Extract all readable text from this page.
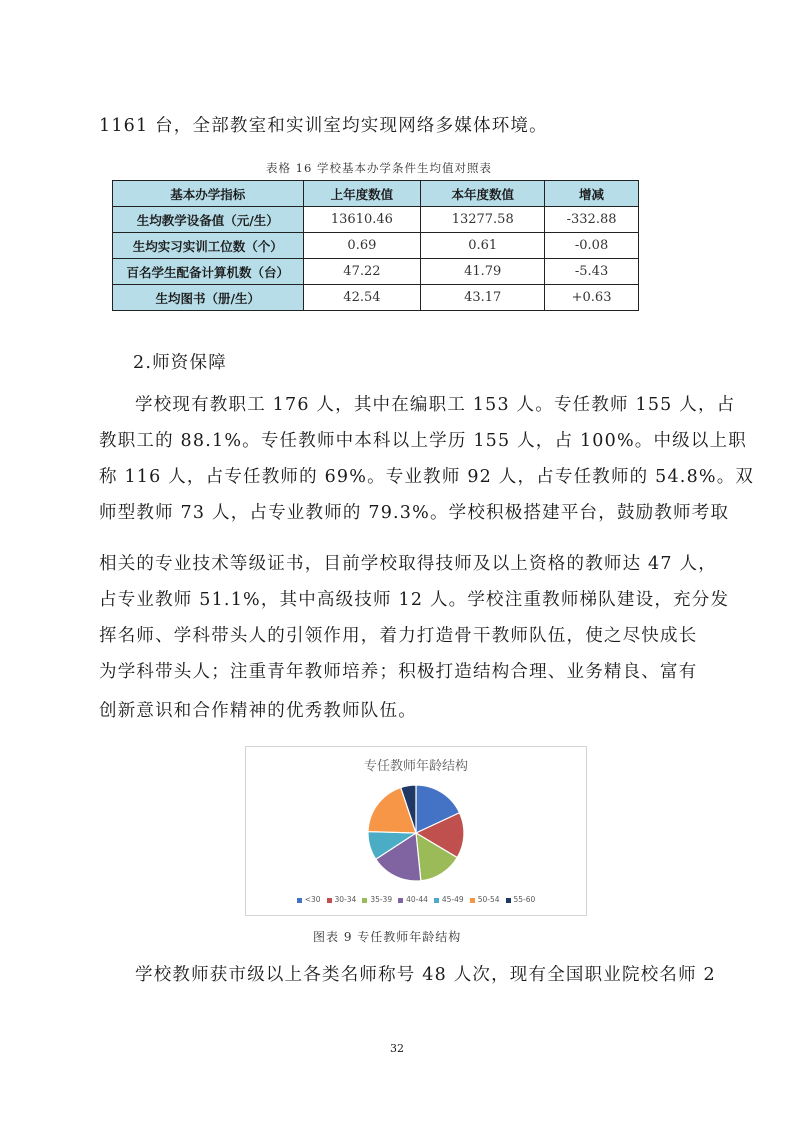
1161 台，全部教室和实训室均实现网络多媒体环境。
表格 16 学校基本办学条件生均值对照表
基本办学指标	上年度数值	本年度数值	增减
生均教学设备值（元/生）	13610.46	13277.58	-332.88
生均实习实训工位数（个）	0.69	0.61	-0.08
百名学生配备计算机数（台）	47.22	41.79	-5.43
生均图书（册/生）	42.54	43.17	+0.63
2.师资保障
学校现有教职工 176 人，其中在编职工 153 人。专任教师 155 人，占
教职工的 88.1%。专任教师中本科以上学历 155 人，占 100%。中级以上职
称 116 人，占专任教师的 69%。专业教师 92 人，占专任教师的 54.8%。双
师型教师 73 人，占专业教师的 79.3%。学校积极搭建平台，鼓励教师考取
相关的专业技术等级证书，目前学校取得技师及以上资格的教师达 47 人，
占专业教师 51.1%，其中高级技师 12 人。学校注重教师梯队建设，充分发
挥名师、学科带头人的引领作用，着力打造骨干教师队伍，使之尽快成长
为学科带头人；注重青年教师培养；积极打造结构合理、业务精良、富有
创新意识和合作精神的优秀教师队伍。
专任教师年龄结构
<30 30-34 35-39 40-44 45-49 50-54 55-60
图表 9 专任教师年龄结构
学校教师获市级以上各类名师称号 48 人次，现有全国职业院校名师 2
32
